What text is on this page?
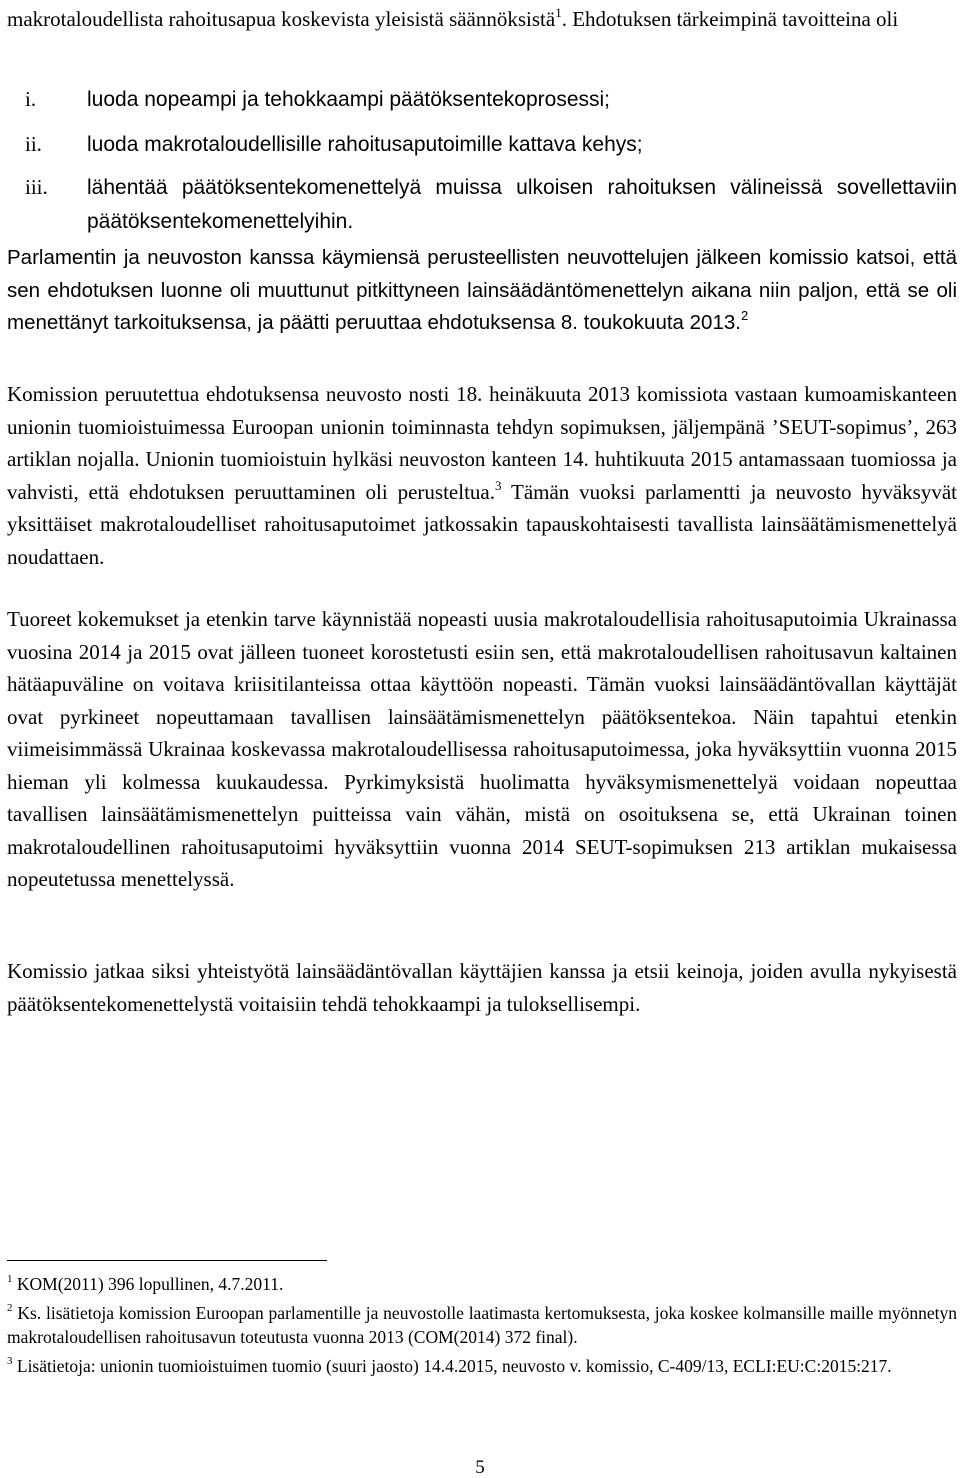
makrotaloudellista rahoitusapua koskevista yleisistä säännöksistä$^1$. Ehdotuksen tärkeimpinä tavoitteina oli

i.	luoda nopeampi ja tehokkaampi päätöksentekoprosessi;
ii.	luoda makrotaloudellisille rahoitusaputoimille kattava kehys;
iii.	lähentää päätöksentekomenettelyä muissa ulkoisen rahoituksen välineissä sovellettaviin päätöksentekomenettelyihin.

Parlamentin ja neuvoston kanssa käymiensä perusteellisten neuvottelujen jälkeen komissio katsoi, että sen ehdotuksen luonne oli muuttunut pitkittyneen lainsäädäntömenettelyn aikana niin paljon, että se oli menettänyt tarkoituksensa, ja päätti peruuttaa ehdotuksensa 8. toukokuuta 2013.$^2$

Komission peruutettua ehdotuksensa neuvosto nosti 18. heinäkuuta 2013 komissiota vastaan kumoamiskanteen unionin tuomioistuimessa Euroopan unionin toiminnasta tehdyn sopimuksen, jäljempänä ’SEUT-sopimus’, 263 artiklan nojalla. Unionin tuomioistuin hylkäsi neuvoston kanteen 14. huhtikuuta 2015 antamassaan tuomiossa ja vahvisti, että ehdotuksen peruuttaminen oli perusteltua.$^3$ Tämän vuoksi parlamentti ja neuvosto hyväksyvät yksittäiset makrotaloudelliset rahoitusaputoimet jatkossakin tapauskohtaisesti tavallista lainsäätämismenettelyä noudattaen.

Tuoreet kokemukset ja etenkin tarve käynnistää nopeasti uusia makrotaloudellisia rahoitusaputoimia Ukrainassa vuosina 2014 ja 2015 ovat jälleen tuoneet korostetusti esiin sen, että makrotaloudellisen rahoitusavun kaltainen hätäapuväline on voitava kriisitilanteissa ottaa käyttöön nopeasti. Tämän vuoksi lainsäädäntövallan käyttäjät ovat pyrkineet nopeuttamaan tavallisen lainsäätämismenettelyn päätöksentekoa. Näin tapahtui etenkin viimeisimmässä Ukrainaa koskevassa makrotaloudellisessa rahoitusaputoimessa, joka hyväksyttiin vuonna 2015 hieman yli kolmessa kuukaudessa. Pyrkimyksistä huolimatta hyväksymismenettelyä voidaan nopeuttaa tavallisen lainsäätämismenettelyn puitteissa vain vähän, mistä on osoituksena se, että Ukrainan toinen makrotaloudellinen rahoitusaputoimi hyväksyttiin vuonna 2014 SEUT-sopimuksen 213 artiklan mukaisessa nopeutetussa menettelyssä.

Komissio jatkaa siksi yhteistyötä lainsäädäntövallan käyttäjien kanssa ja etsii keinoja, joiden avulla nykyisestä päätöksentekomenettelystä voitaisiin tehdä tehokkaampi ja tuloksellisempi.

$^1$ KOM(2011) 396 lopullinen, 4.7.2011.

$^2$ Ks. lisätietoja komission Euroopan parlamentille ja neuvostolle laatimasta kertomuksesta, joka koskee kolmansille maille myönnetyn makrotaloudellisen rahoitusavun toteutusta vuonna 2013 (COM(2014) 372 final).

$^3$ Lisätietoja: unionin tuomioistuimen tuomio (suuri jaosto) 14.4.2015, neuvosto v. komissio, C-409/13, ECLI:EU:C:2015:217.

5
